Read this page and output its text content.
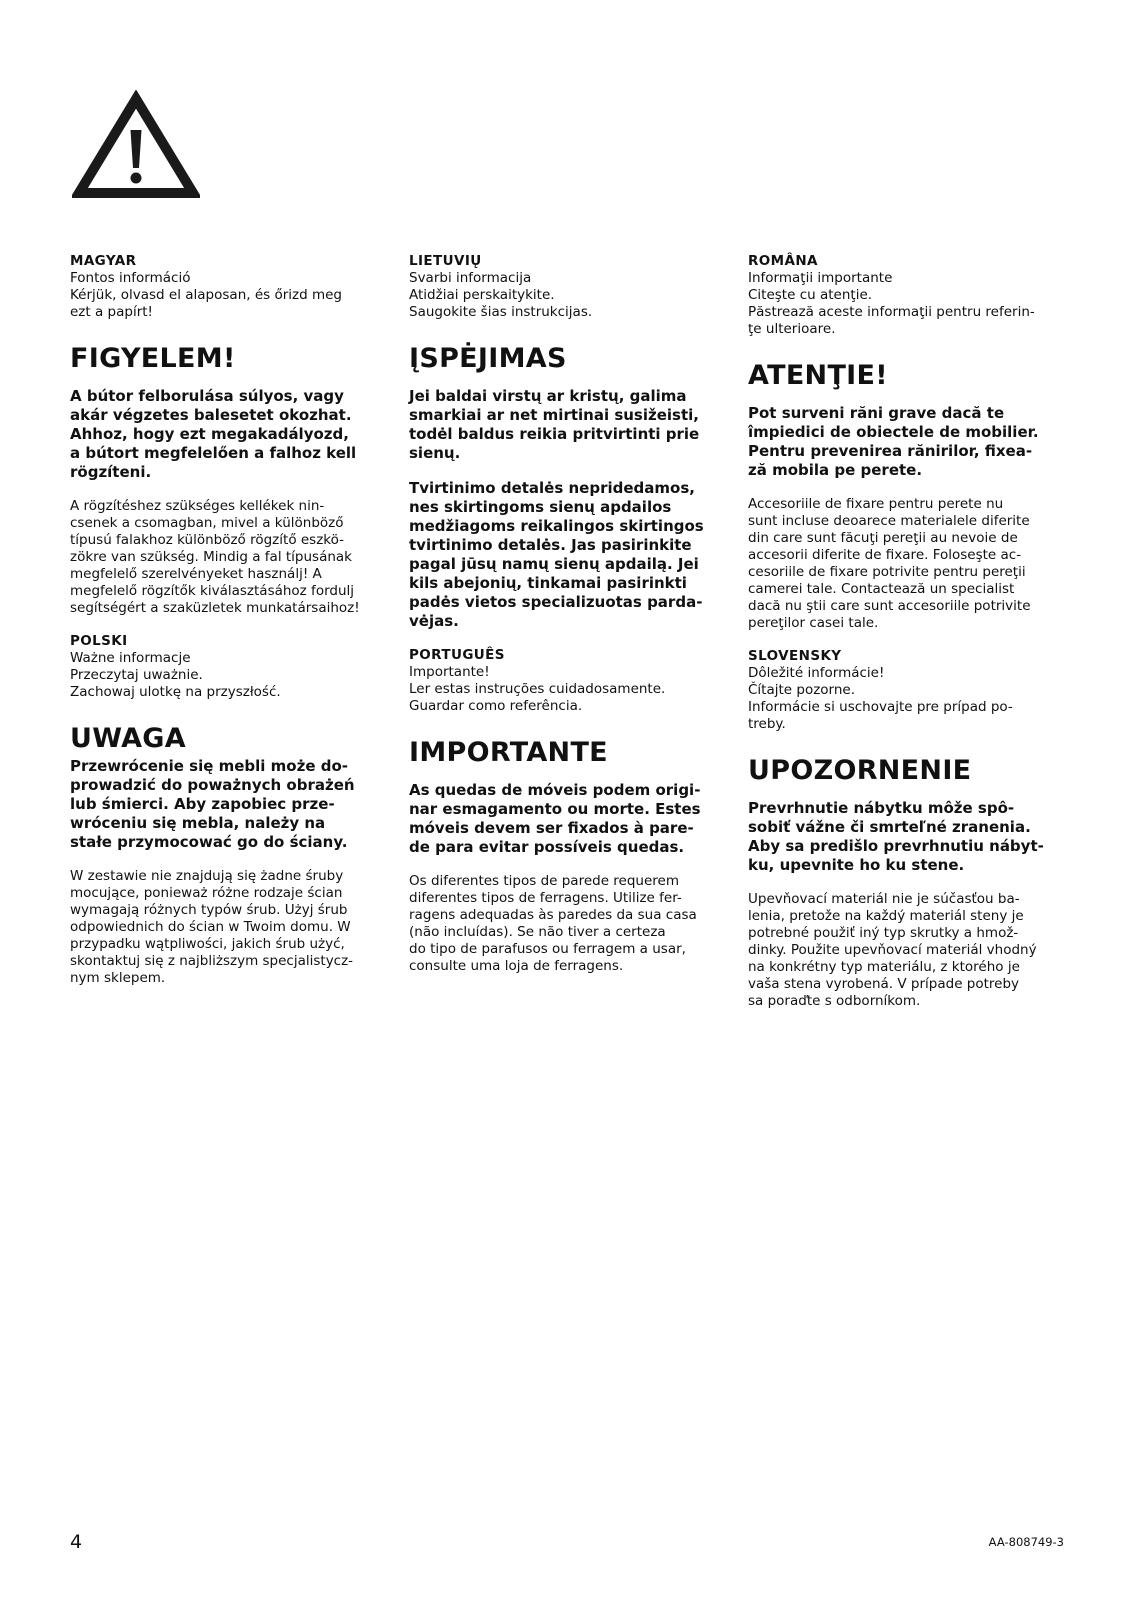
MAGYAR

Fontos információ
Kérjük, olvasd el alaposan, és őrizd meg
ezt a papírt!

FIGYELEM!

A bútor felborulása súlyos, vagy
akár végzetes balesetet okozhat.
Ahhoz, hogy ezt megakadályozd,
a bútort megfelelően a falhoz kell
rögzíteni.

A rögzítéshez szükséges kellékek nin-
csenek a csomagban, mivel a különböző
típusú falakhoz különböző rögzítő eszkö-
zökre van szükség. Mindig a fal típusának
megfelelő szerelvényeket használj! A
megfelelő rögzítők kiválasztásához fordulj
segítségért a szaküzletek munkatársaihoz!

POLSKI

Ważne informacje
Przeczytaj uważnie.
Zachowaj ulotkę na przyszłość.

UWAGA

Przewrócenie się mebli może do-
prowadzić do poważnych obrażeń
lub śmierci. Aby zapobiec prze-
wróceniu się mebla, należy na
stałe przymocować go do ściany.

W zestawie nie znajdują się żadne śruby
mocujące, ponieważ różne rodzaje ścian
wymagają różnych typów śrub. Użyj śrub
odpowiednich do ścian w Twoim domu. W
przypadku wątpliwości, jakich śrub użyć,
skontaktuj się z najbliższym specjalistycz-
nym sklepem.

LIETUVIŲ

Svarbi informacija
Atidžiai perskaitykite.
Saugokite šias instrukcijas.

ĮSPĖJIMAS

Jei baldai virstų ar kristų, galima
smarkiai ar net mirtinai susižeisti,
todėl baldus reikia pritvirtinti prie
sienų.

Tvirtinimo detalės nepridedamos,
nes skirtingoms sienų apdailos
medžiagoms reikalingos skirtingos
tvirtinimo detalės. Jas pasirinkite
pagal jūsų namų sienų apdailą. Jei
kils abejonių, tinkamai pasirinkti
padės vietos specializuotas parda-
vėjas.

PORTUGUÊS

Importante!
Ler estas instruções cuidadosamente.
Guardar como referência.

IMPORTANTE

As quedas de móveis podem origi-
nar esmagamento ou morte. Estes
móveis devem ser fixados à pare-
de para evitar possíveis quedas.

Os diferentes tipos de parede requerem
diferentes tipos de ferragens. Utilize fer-
ragens adequadas às paredes da sua casa
(não incluídas). Se não tiver a certeza
do tipo de parafusos ou ferragem a usar,
consulte uma loja de ferragens.

ROMÂNA

Informaţii importante
Citeşte cu atenţie.
Păstrează aceste informaţii pentru referin-
ţe ulterioare.

ATENŢIE!

Pot surveni răni grave dacă te
împiedici de obiectele de mobilier.
Pentru prevenirea rănirilor, fixea-
ză mobila pe perete.

Accesoriile de fixare pentru perete nu
sunt incluse deoarece materialele diferite
din care sunt făcuţi pereţii au nevoie de
accesorii diferite de fixare. Foloseşte ac-
cesoriile de fixare potrivite pentru pereţii
camerei tale. Contactează un specialist
dacă nu ştii care sunt accesoriile potrivite
pereţilor casei tale.

SLOVENSKY

Dôležité informácie!
Čítajte pozorne.
Informácie si uschovajte pre prípad po-
treby.

UPOZORNENIE

Prevrhnutie nábytku môže spô-
sobiť vážne či smrteľné zranenia.
Aby sa predišlo prevrhnutiu nábyt-
ku, upevnite ho ku stene.

Upevňovací materiál nie je súčasťou ba-
lenia, pretože na každý materiál steny je
potrebné použiť iný typ skrutky a hmož-
dinky. Použite upevňovací materiál vhodný
na konkrétny typ materiálu, z ktorého je
vaša stena vyrobená. V prípade potreby
sa poraďte s odborníkom.

4	AA-808749-3
